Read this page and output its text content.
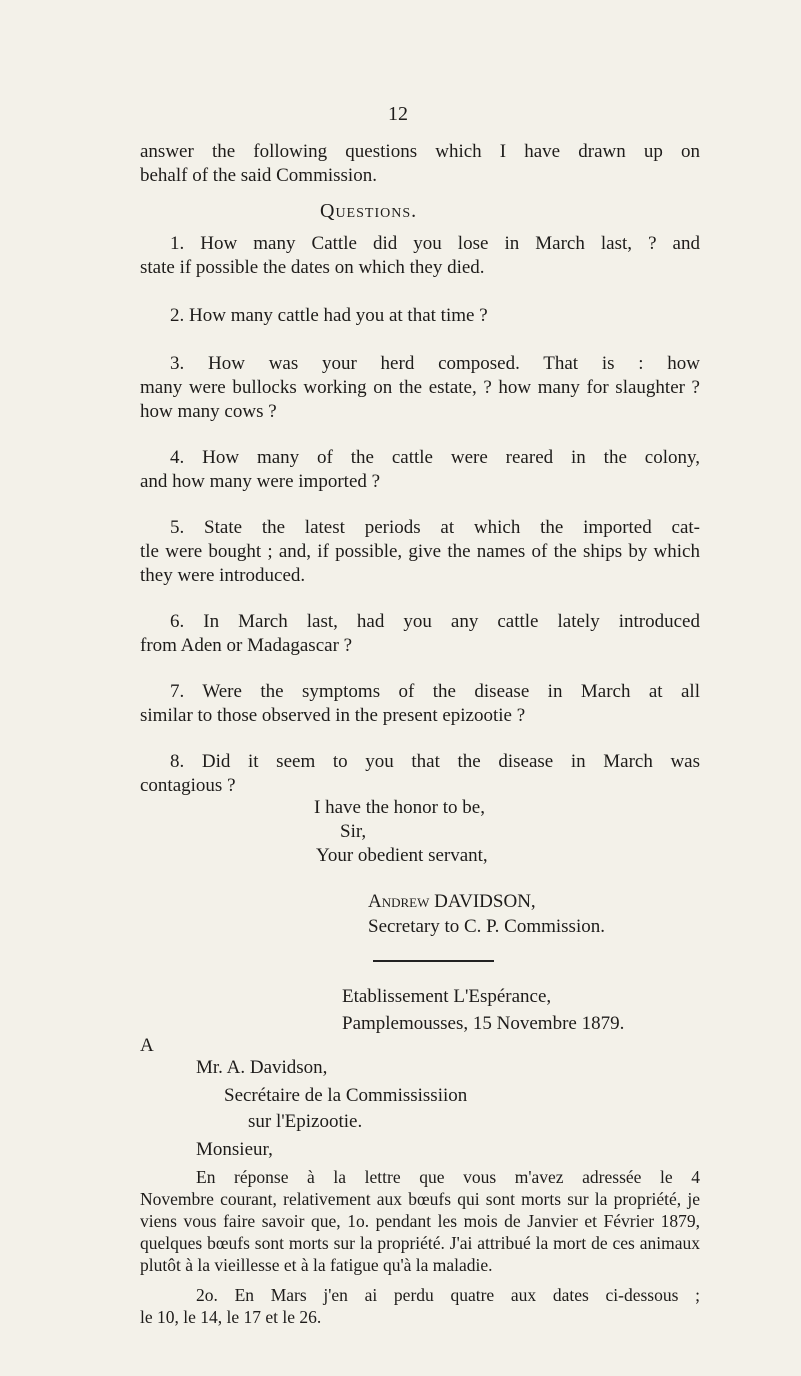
12

answer the following questions which I have drawn up on
behalf of the said Commission.

Questions.

1. How many Cattle did you lose in March last, ? and
state if possible the dates on which they died.

2. How many cattle had you at that time ?

3. How was your herd composed. That is : how
many were bullocks working on the estate, ? how many for slaughter ? how many cows ?

4. How many of the cattle were reared in the colony,
and how many were imported ?

5. State the latest periods at which the imported cat-
tle were bought ; and, if possible, give the names of the ships by which they were introduced.

6. In March last, had you any cattle lately introduced
from Aden or Madagascar ?

7. Were the symptoms of the disease in March at all
similar to those observed in the present epizootie ?

8. Did it seem to you that the disease in March was
contagious ?

I have the honor to be,
Sir,
Your obedient servant,
Andrew DAVIDSON,
Secretary to C. P. Commission.
Etablissement L'Espérance,
Pamplemousses, 15 Novembre 1879.
A
Mr. A. Davidson,
Secrétaire de la Commississiion
sur l'Epizootie.
Monsieur,

En réponse à la lettre que vous m'avez adressée le 4
Novembre courant, relativement aux bœufs qui sont morts sur la propriété, je viens vous faire savoir que, 1o. pendant les mois de Janvier et Février 1879, quelques bœufs sont morts sur la propriété. J'ai attribué la mort de ces animaux plutôt à la vieillesse et à la fatigue qu'à la maladie.

2o. En Mars j'en ai perdu quatre aux dates ci-dessous ;
le 10, le 14, le 17 et le 26.
